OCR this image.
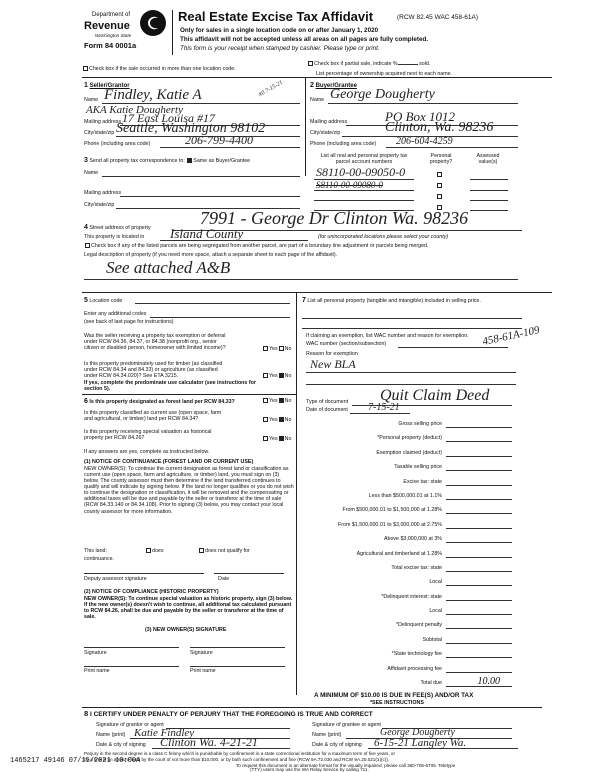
Department of
Revenue
Washington State
Form 84 0001a
Real Estate Excise Tax Affidavit	(RCW 82.45 WAC 458-61A)
Only for sales in a single location code on or after January 1, 2020
This affidavit will not be accepted unless all areas on all pages are fully completed.
This form is your receipt when stamped by cashier. Please type or print.
Check box if the sale occurred in more than one location code.
Check box if partial sale, indicate %	sold.
List percentage of ownership acquired next to each name.
1 Seller/Grantor
Name Findley, Katie A	#0 7-15-21
AKA Katie Dougherty
Mailing address 17 East Louisa #17
City/state/zip Seattle, Washington 98102
Phone (including area code)	206-799-4400
2 Buyer/Grantee
Name George Dougherty
Mailing address	PO Box 1012
City/state/zip	Clinton, Wa. 98236
Phone (including area code) 206-604-4259
3 Send all property tax correspondence to: Same as Buyer/Grantee
Name
Mailing address
City/state/zip
List all real and personal property tax parcel account numbers
Personal property?
Assessed value(s)
S8110-00-09050-0
S8110-00-09080-0
4 Street address of property	7991 - George Dr Clinton Wa. 98236
This property is located in Island County	(for unincorporated locations please select your county)
Check box if any of the listed parcels are being segregated from another parcel, are part of a boundary line adjustment or parcels being merged.
Legal description of property (if you need more space, attach a separate sheet to each page of the affidavit).
See attached A&B
5 Location code
Enter any additional codes
(see back of last page for instructions)
Was the seller receiving a property tax exemption or deferral
under RCW 84.36, 84.37, or 84.38 (nonprofit org., senior
citizen or disabled person, homeowner with limited income)?	Yes No
Is this property predominately used for timber (as classified
under RCW 84.34 and 84.33) or agriculture (as classified
under RCW 84.34.020)? See ETA 3215.	Yes No
If yes, complete the predominate use calculator (see instructions for
section 5).
6 Is this property designated as forest land per RCW 84.33?	Yes No
Is this property classified as current use (open space, farm
and agricultural, or timber) land per RCW 84.34?	Yes No
Is this property receiving special valuation as historical
property per RCW 84.26?	Yes No
If any answers are yes, complete as instructed below.
(1) NOTICE OF CONTINUANCE (FOREST LAND OR CURRENT USE)
NEW OWNER(S): To continue the current designation as forest land or classification as current use (open space, farm and agriculture, or timber) land, you must sign on (3) below. The county assessor must then determine if the land transferred continues to qualify and will indicate by signing below. If the land no longer qualifies or you do not wish to continue the designation or classification, it will be removed and the compensating or additional taxes will be due and payable by the seller or transferor at the time of sale (RCW 84.33.140 or 84.34.108). Prior to signing (3) below, you may contact your local county assessor for more information.
This land:	does	does not qualify for
continuance.
Deputy assessor signature	Date
(2) NOTICE OF COMPLIANCE (HISTORIC PROPERTY)
NEW OWNER(S): To continue special valuation as historic property, sign (3) below. If the new owner(s) doesn't wish to continue, all additional tax calculated pursuant to RCW 84.26, shall be due and payable by the seller or transferor at the time of sale.
(3) NEW OWNER(S) SIGNATURE
Signature	Signature
Print name	Print name
7 List all personal property (tangible and intangible) included in selling price.
If claiming an exemption, list WAC number and reason for exemption.
WAC number (section/subsection)	458-61A-109
Reason for exemption
New BLA
Type of document Quit Claim Deed
Date of document 7-15-21
Gross selling price
*Personal property (deduct)
Exemption claimed (deduct)
Taxable selling price
Excise tax: state
Less than $500,000.01 at 1.1%
From $500,000.01 to $1,500,000 at 1.28%
From $1,500,000.01 to $3,000,000 at 2.75%
Above $3,000,000 at 3%
Agricultural and timberland at 1.28%
Total excise tax: state
Local
*Delinquent interest: state
Local
*Delinquent penalty
Subtotal
*State technology fee
Affidavit processing fee
Total due	10.00
A MINIMUM OF $10.00 IS DUE IN FEE(S) AND/OR TAX
*SEE INSTRUCTIONS
8 I CERTIFY UNDER PENALTY OF PERJURY THAT THE FOREGOING IS TRUE AND CORRECT
Signature of grantor or agent
Name (print) Katie Findley
Date & city of signing Clinton Wa. 4-21-21
Signature of grantee or agent
Name (print)	George Dougherty
Date & city of signing 6-15-21 Langley Wa.
Perjury in the second degree is a class C felony which is punishable by confinement in a state correctional institution for a maximum term of five years, or
by a fine in an amount fixed by the court of not more than $10,000, or by both such confinement and fine (RCW 9A.72.030 and RCW 9A.20.021(1)(c)).
1465217 49146 07/15/2021 10:00A
To request this document in an alternate format for the visually impaired, please call 360-705-6705. Teletype
(TTY) users may use the WA Relay Service by calling 711.
